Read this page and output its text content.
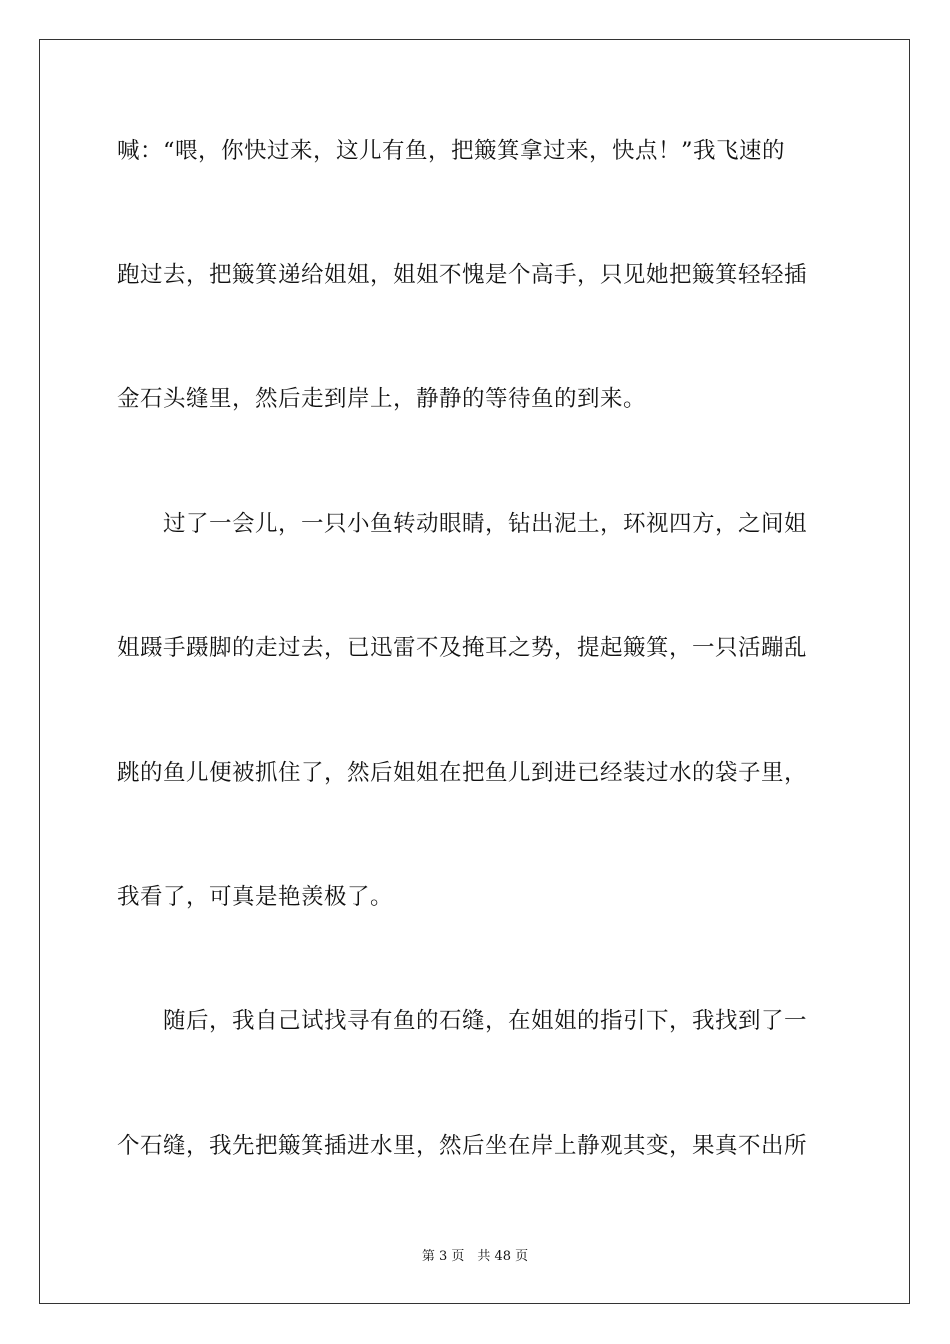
喊：“喂，你快过来，这儿有鱼，把簸箕拿过来，快点！”我飞速的
跑过去，把簸箕递给姐姐，姐姐不愧是个高手，只见她把簸箕轻轻插
金石头缝里，然后走到岸上，静静的等待鱼的到来。
　　过了一会儿，一只小鱼转动眼睛，钻出泥土，环视四方，之间姐
姐蹑手蹑脚的走过去，已迅雷不及掩耳之势，提起簸箕，一只活蹦乱
跳的鱼儿便被抓住了，然后姐姐在把鱼儿到进已经装过水的袋子里，
我看了，可真是艳羡极了。
　　随后，我自己试找寻有鱼的石缝，在姐姐的指引下，我找到了一
个石缝，我先把簸箕插进水里，然后坐在岸上静观其变，果真不出所
第 3 页　共 48 页
